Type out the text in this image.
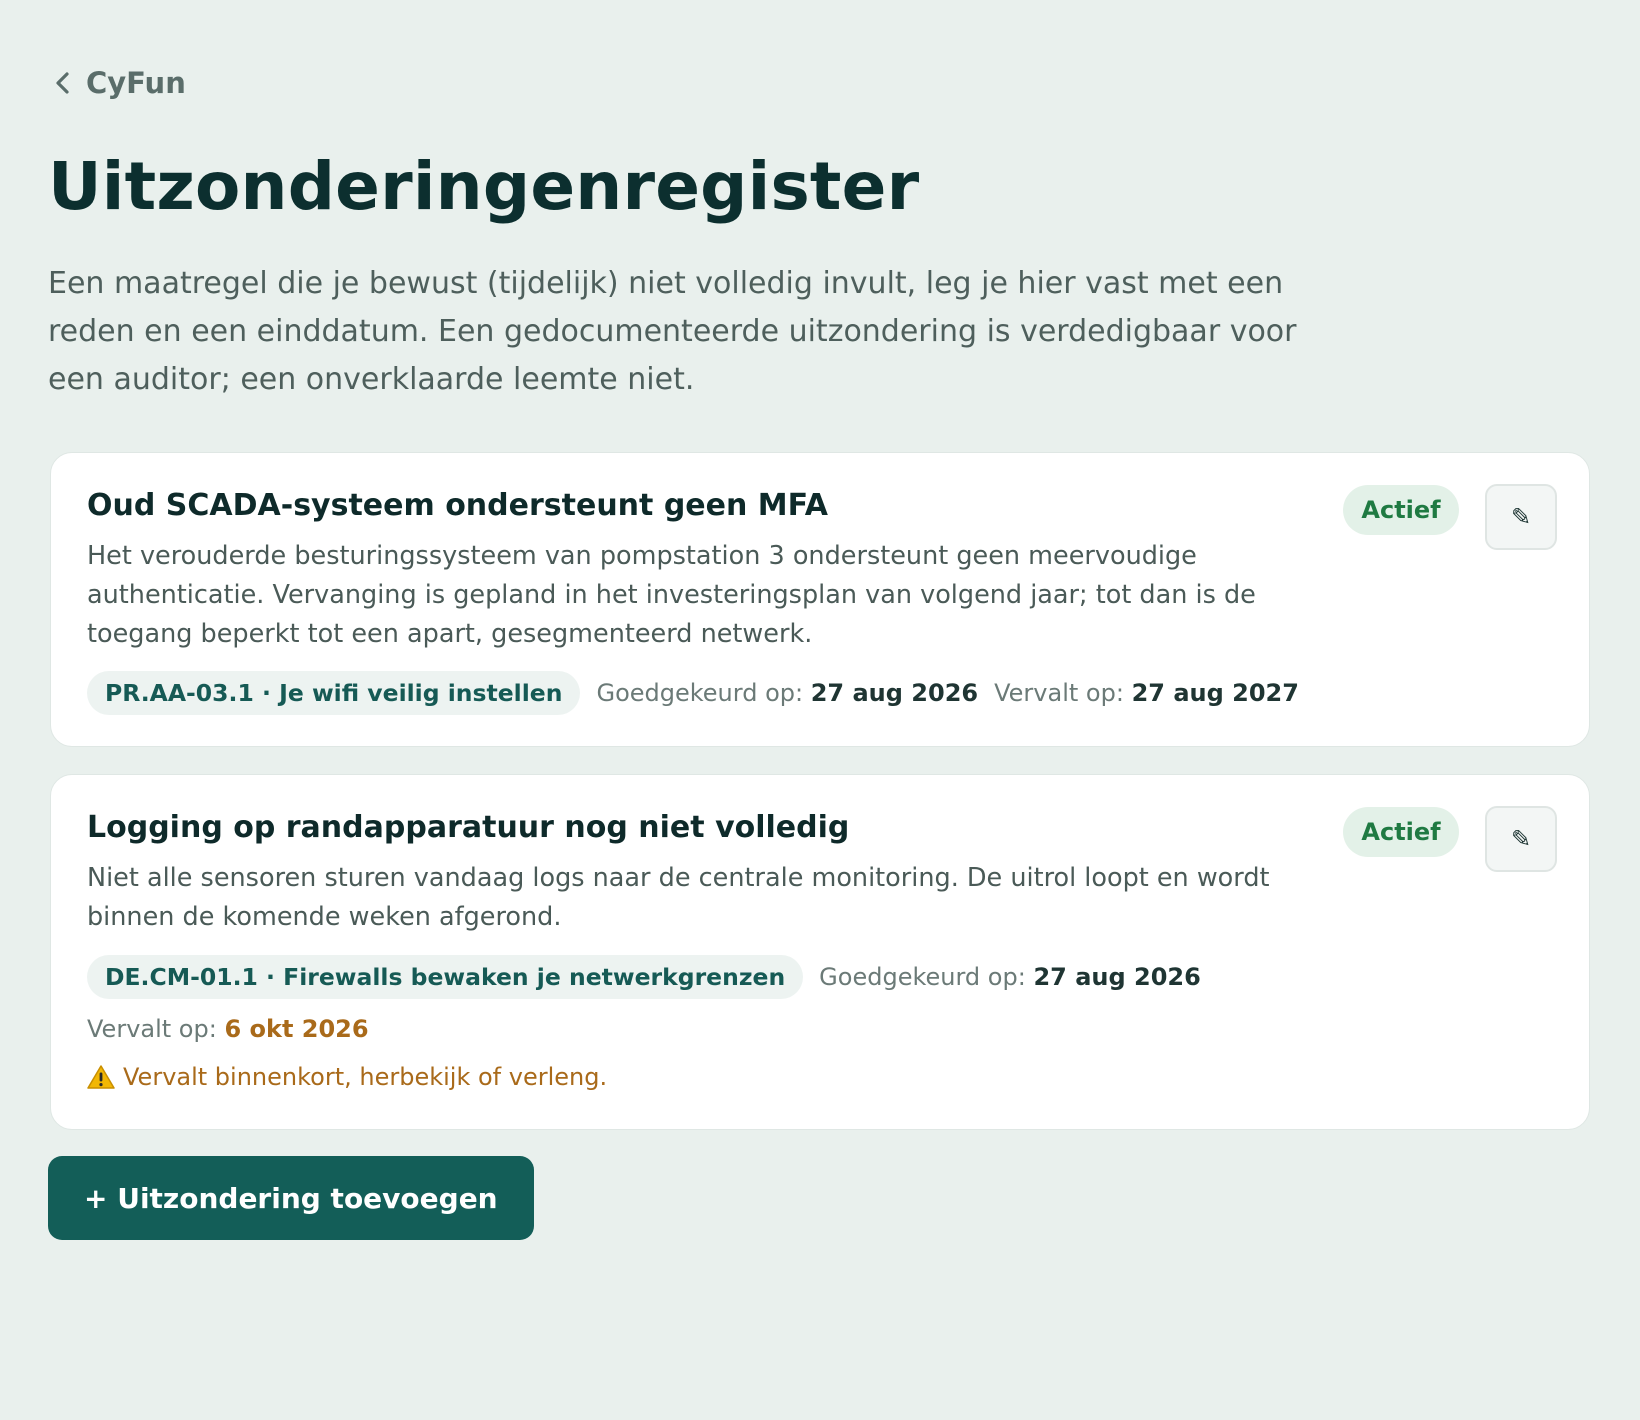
CyFun
Uitzonderingenregister

Een maatregel die je bewust (tijdelijk) niet volledig invult, leg je hier vast met een reden en een einddatum. Een gedocumenteerde uitzondering is verdedigbaar voor een auditor; een onverklaarde leemte niet.

Oud SCADA-systeem ondersteunt geen MFA
Het verouderde besturingssysteem van pompstation 3 ondersteunt geen meervoudige authenticatie. Vervanging is gepland in het investeringsplan van volgend jaar; tot dan is de toegang beperkt tot een apart, gesegmenteerd netwerk.
Actief	✎
PR.AA-03.1 · Je wifi veilig instellen	Goedgekeurd op: 27 aug 2026 Vervalt op: 27 aug 2027
Logging op randapparatuur nog niet volledig
Niet alle sensoren sturen vandaag logs naar de centrale monitoring. De uitrol loopt en wordt binnen de komende weken afgerond.
Actief	✎
DE.CM-01.1 · Firewalls bewaken je netwerkgrenzen	Goedgekeurd op: 27 aug 2026
Vervalt op: 6 okt 2026
Vervalt binnenkort, herbekijk of verleng.
+ Uitzondering toevoegen
